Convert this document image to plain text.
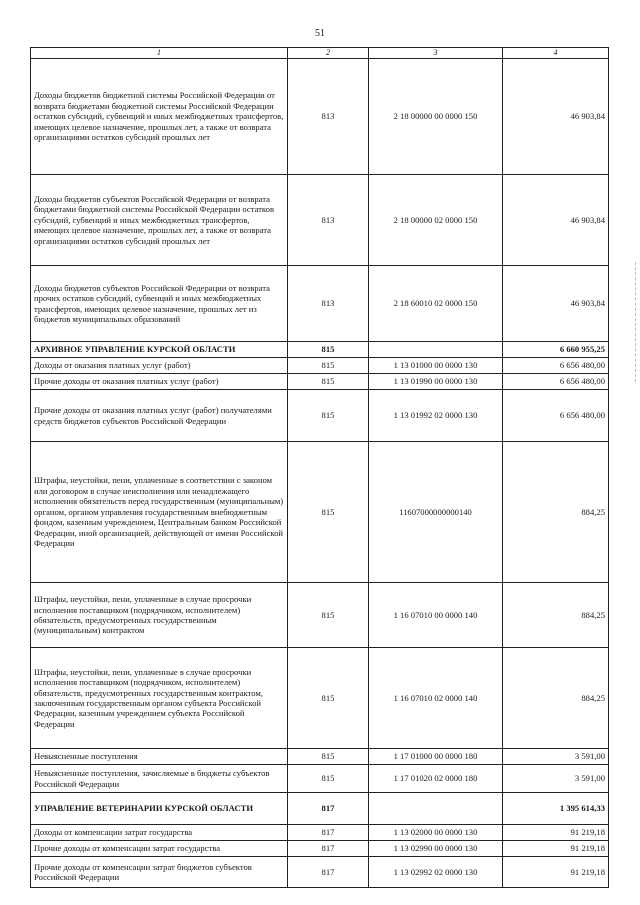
51
1	2	3	4
Доходы бюджетов бюджетной системы Российской Федерации от возврата бюджетами бюджетной системы Российской Федерации остатков субсидий, субвенций и иных межбюджетных трансфертов, имеющих целевое назначение, прошлых лет, а также от возврата организациями остатков субсидий прошлых лет	813	2 18 00000 00 0000 150	46 903,84
Доходы бюджетов субъектов Российской Федерации от возврата бюджетами бюджетной системы Российской Федерации остатков субсидий, субвенций и иных межбюджетных трансфертов, имеющих целевое назначение, прошлых лет, а также от возврата организациями остатков субсидий прошлых лет	813	2 18 00000 02 0000 150	46 903,84
Доходы бюджетов субъектов Российской Федерации от возврата прочих остатков субсидий, субвенций и иных межбюджетных трансфертов, имеющих целевое назначение, прошлых лет из бюджетов муниципальных образований	813	2 18 60010 02 0000 150	46 903,84
АРХИВНОЕ УПРАВЛЕНИЕ КУРСКОЙ ОБЛАСТИ	815		6 660 955,25
Доходы от оказания платных услуг (работ)	815	1 13 01000 00 0000 130	6 656 480,00
Прочие доходы от оказания платных услуг (работ)	815	1 13 01990 00 0000 130	6 656 480,00
Прочие доходы от оказания платных услуг (работ) получателями средств бюджетов субъектов Российской Федерации	815	1 13 01992 02 0000 130	6 656 480,00
Штрафы, неустойки, пени, уплаченные в соответствии с законом или договором в случае неисполнения или ненадлежащего исполнения обязательств перед государственным (муниципальным) органом, органом управления государственным внебюджетным фондом, казенным учреждением, Центральным банком Российской Федерации, иной организацией, действующей от имени Российской Федерации	815	11607000000000140	884,25
Штрафы, неустойки, пени, уплаченные в случае просрочки исполнения поставщиком (подрядчиком, исполнителем) обязательств, предусмотренных государственным (муниципальным) контрактом	815	1 16 07010 00 0000 140	884,25
Штрафы, неустойки, пени, уплаченные в случае просрочки исполнения поставщиком (подрядчиком, исполнителем) обязательств, предусмотренных государственным контрактом, заключенным государственным органом субъекта Российской Федерации, казенным учреждением субъекта Российской Федерации	815	1 16 07010 02 0000 140	884,25
Невыясненные поступления	815	1 17 01000 00 0000 180	3 591,00
Невыясненные поступления, зачисляемые в бюджеты субъектов Российской Федерации	815	1 17 01020 02 0000 180	3 591,00
УПРАВЛЕНИЕ ВЕТЕРИНАРИИ КУРСКОЙ ОБЛАСТИ	817		1 395 614,33
Доходы от компенсации затрат государства	817	1 13 02000 00 0000 130	91 219,18
Прочие доходы от компенсации затрат государства	817	1 13 02990 00 0000 130	91 219,18
Прочие доходы от компенсации затрат бюджетов субъектов Российской Федерации	817	1 13 02992 02 0000 130	91 219,18
